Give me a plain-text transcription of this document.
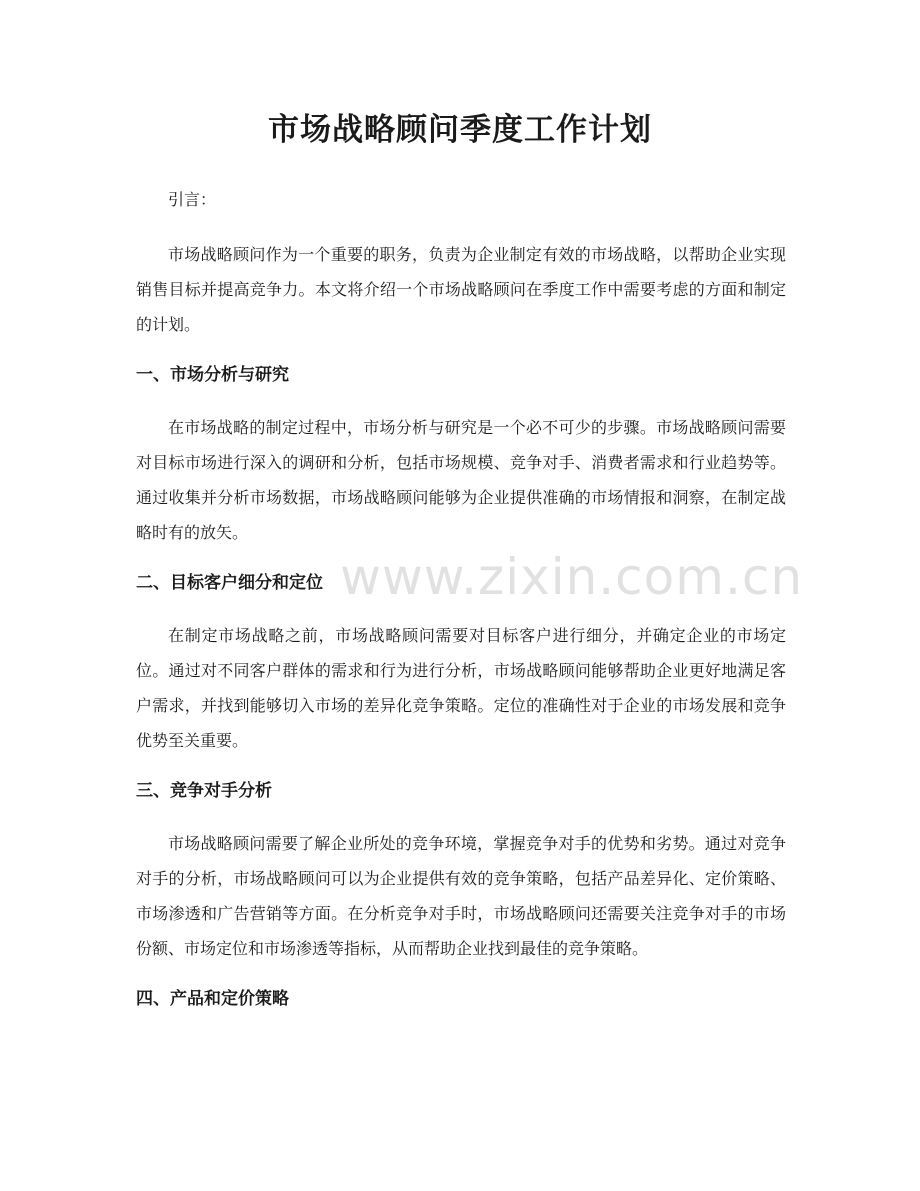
市场战略顾问季度工作计划

引言：

市场战略顾问作为一个重要的职务，负责为企业制定有效的市场战略，以帮助企业实现销售目标并提高竞争力。本文将介绍一个市场战略顾问在季度工作中需要考虑的方面和制定的计划。

一、市场分析与研究

在市场战略的制定过程中，市场分析与研究是一个必不可少的步骤。市场战略顾问需要对目标市场进行深入的调研和分析，包括市场规模、竞争对手、消费者需求和行业趋势等。通过收集并分析市场数据，市场战略顾问能够为企业提供准确的市场情报和洞察，在制定战略时有的放矢。

二、目标客户细分和定位

在制定市场战略之前，市场战略顾问需要对目标客户进行细分，并确定企业的市场定位。通过对不同客户群体的需求和行为进行分析，市场战略顾问能够帮助企业更好地满足客户需求，并找到能够切入市场的差异化竞争策略。定位的准确性对于企业的市场发展和竞争优势至关重要。

三、竞争对手分析

市场战略顾问需要了解企业所处的竞争环境，掌握竞争对手的优势和劣势。通过对竞争对手的分析，市场战略顾问可以为企业提供有效的竞争策略，包括产品差异化、定价策略、市场渗透和广告营销等方面。在分析竞争对手时，市场战略顾问还需要关注竞争对手的市场份额、市场定位和市场渗透等指标，从而帮助企业找到最佳的竞争策略。

四、产品和定价策略
www.zixin.com.cn
